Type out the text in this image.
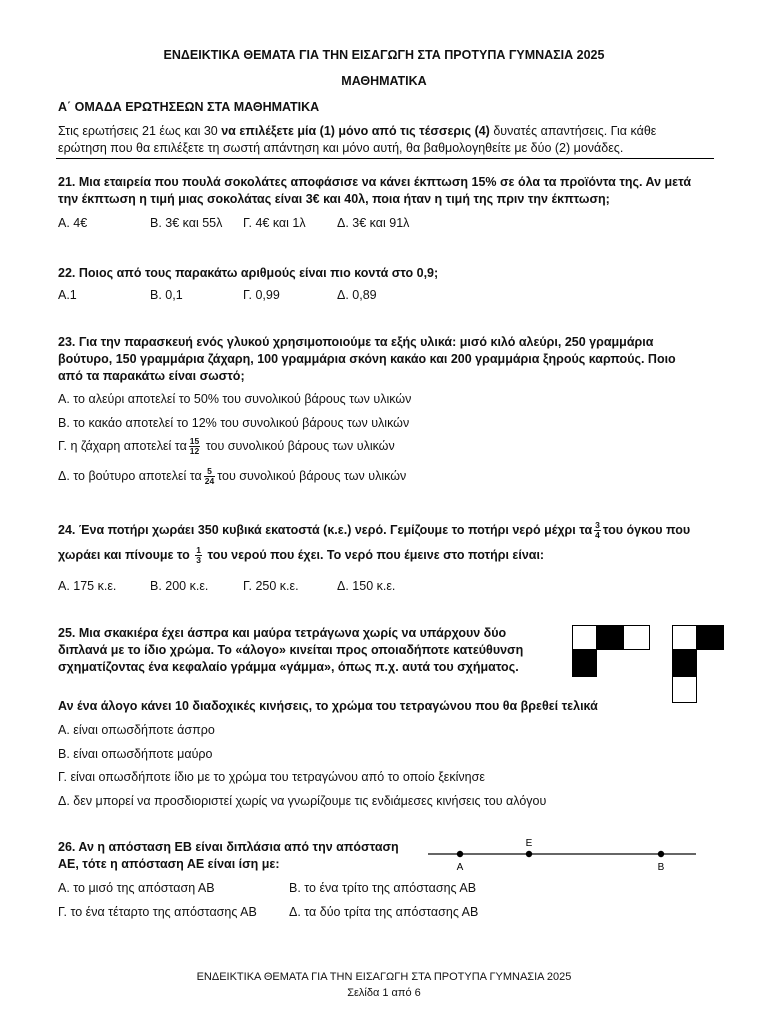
ΕΝΔΕΙΚΤΙΚΑ ΘΕΜΑΤΑ ΓΙΑ ΤΗΝ ΕΙΣΑΓΩΓΗ ΣΤΑ ΠΡΟΤΥΠΑ ΓΥΜΝΑΣΙΑ 2025
ΜΑΘΗΜΑΤΙΚΑ
Α΄ ΟΜΑΔΑ ΕΡΩΤΗΣΕΩΝ ΣΤΑ ΜΑΘΗΜΑΤΙΚΑ
Στις ερωτήσεις 21 έως και 30 να επιλέξετε μία (1) μόνο από τις τέσσερις (4) δυνατές απαντήσεις. Για κάθε
ερώτηση που θα επιλέξετε τη σωστή απάντηση και μόνο αυτή, θα βαθμολογηθείτε με δύο (2) μονάδες.
21. Μια εταιρεία που πουλά σοκολάτες αποφάσισε να κάνει έκπτωση 15% σε όλα τα προϊόντα της. Αν μετά
την έκπτωση η τιμή μιας σοκολάτας είναι 3€ και 40λ, ποια ήταν η τιμή της πριν την έκπτωση;
Α. 4€	Β. 3€ και 55λ Γ. 4€ και 1λ	Δ. 3€ και 91λ
22. Ποιος από τους παρακάτω αριθμούς είναι πιο κοντά στο 0,9;
Α.1	Β. 0,1	Γ. 0,99	Δ. 0,89
23. Για την παρασκευή ενός γλυκού χρησιμοποιούμε τα εξής υλικά: μισό κιλό αλεύρι, 250 γραμμάρια
βούτυρο, 150 γραμμάρια ζάχαρη, 100 γραμμάρια σκόνη κακάο και 200 γραμμάρια ξηρούς καρπούς. Ποιο
από τα παρακάτω είναι σωστό;
Α. το αλεύρι αποτελεί το 50% του συνολικού βάρους των υλικών
Β. το κακάο αποτελεί το 12% του συνολικού βάρους των υλικών
Γ. η ζάχαρη αποτελεί τα $\frac{15}{12}$ του συνολικού βάρους των υλικών
Δ. το βούτυρο αποτελεί τα $\frac{5}{24}$ του συνολικού βάρους των υλικών
24. Ένα ποτήρι χωράει 350 κυβικά εκατοστά (κ.ε.) νερό. Γεμίζουμε το ποτήρι νερό μέχρι τα $\frac{3}{4}$ του όγκου που
χωράει και πίνουμε το $\frac{1}{3}$ του νερού που έχει. Το νερό που έμεινε στο ποτήρι είναι:
Α. 175 κ.ε.	Β. 200 κ.ε.	Γ. 250 κ.ε.	Δ. 150 κ.ε.
25. Μια σκακιέρα έχει άσπρα και μαύρα τετράγωνα χωρίς να υπάρχουν δύο
διπλανά με το ίδιο χρώμα. Το «άλογο» κινείται προς οποιαδήποτε κατεύθυνση
σχηματίζοντας ένα κεφαλαίο γράμμα «γάμμα», όπως π.χ. αυτά του σχήματος.

Αν ένα άλογο κάνει 10 διαδοχικές κινήσεις, το χρώμα του τετραγώνου που θα βρεθεί τελικά
Α. είναι οπωσδήποτε άσπρο
Β. είναι οπωσδήποτε μαύρο
Γ. είναι οπωσδήποτε ίδιο με το χρώμα του τετραγώνου από το οποίο ξεκίνησε
Δ. δεν μπορεί να προσδιοριστεί χωρίς να γνωρίζουμε τις ενδιάμεσες κινήσεις του αλόγου
26. Αν η απόσταση ΕΒ είναι διπλάσια από την απόσταση
ΑΕ, τότε η απόσταση ΑΕ είναι ίση με:	A
E
B
Α. το μισό της απόσταση ΑΒ	Β. το ένα τρίτο της απόστασης ΑΒ
Γ. το ένα τέταρτο της απόστασης ΑΒ	Δ. τα δύο τρίτα της απόστασης ΑΒ
ΕΝΔΕΙΚΤΙΚΑ ΘΕΜΑΤΑ ΓΙΑ ΤΗΝ ΕΙΣΑΓΩΓΗ ΣΤΑ ΠΡΟΤΥΠΑ ΓΥΜΝΑΣΙΑ 2025
Σελίδα 1 από 6
